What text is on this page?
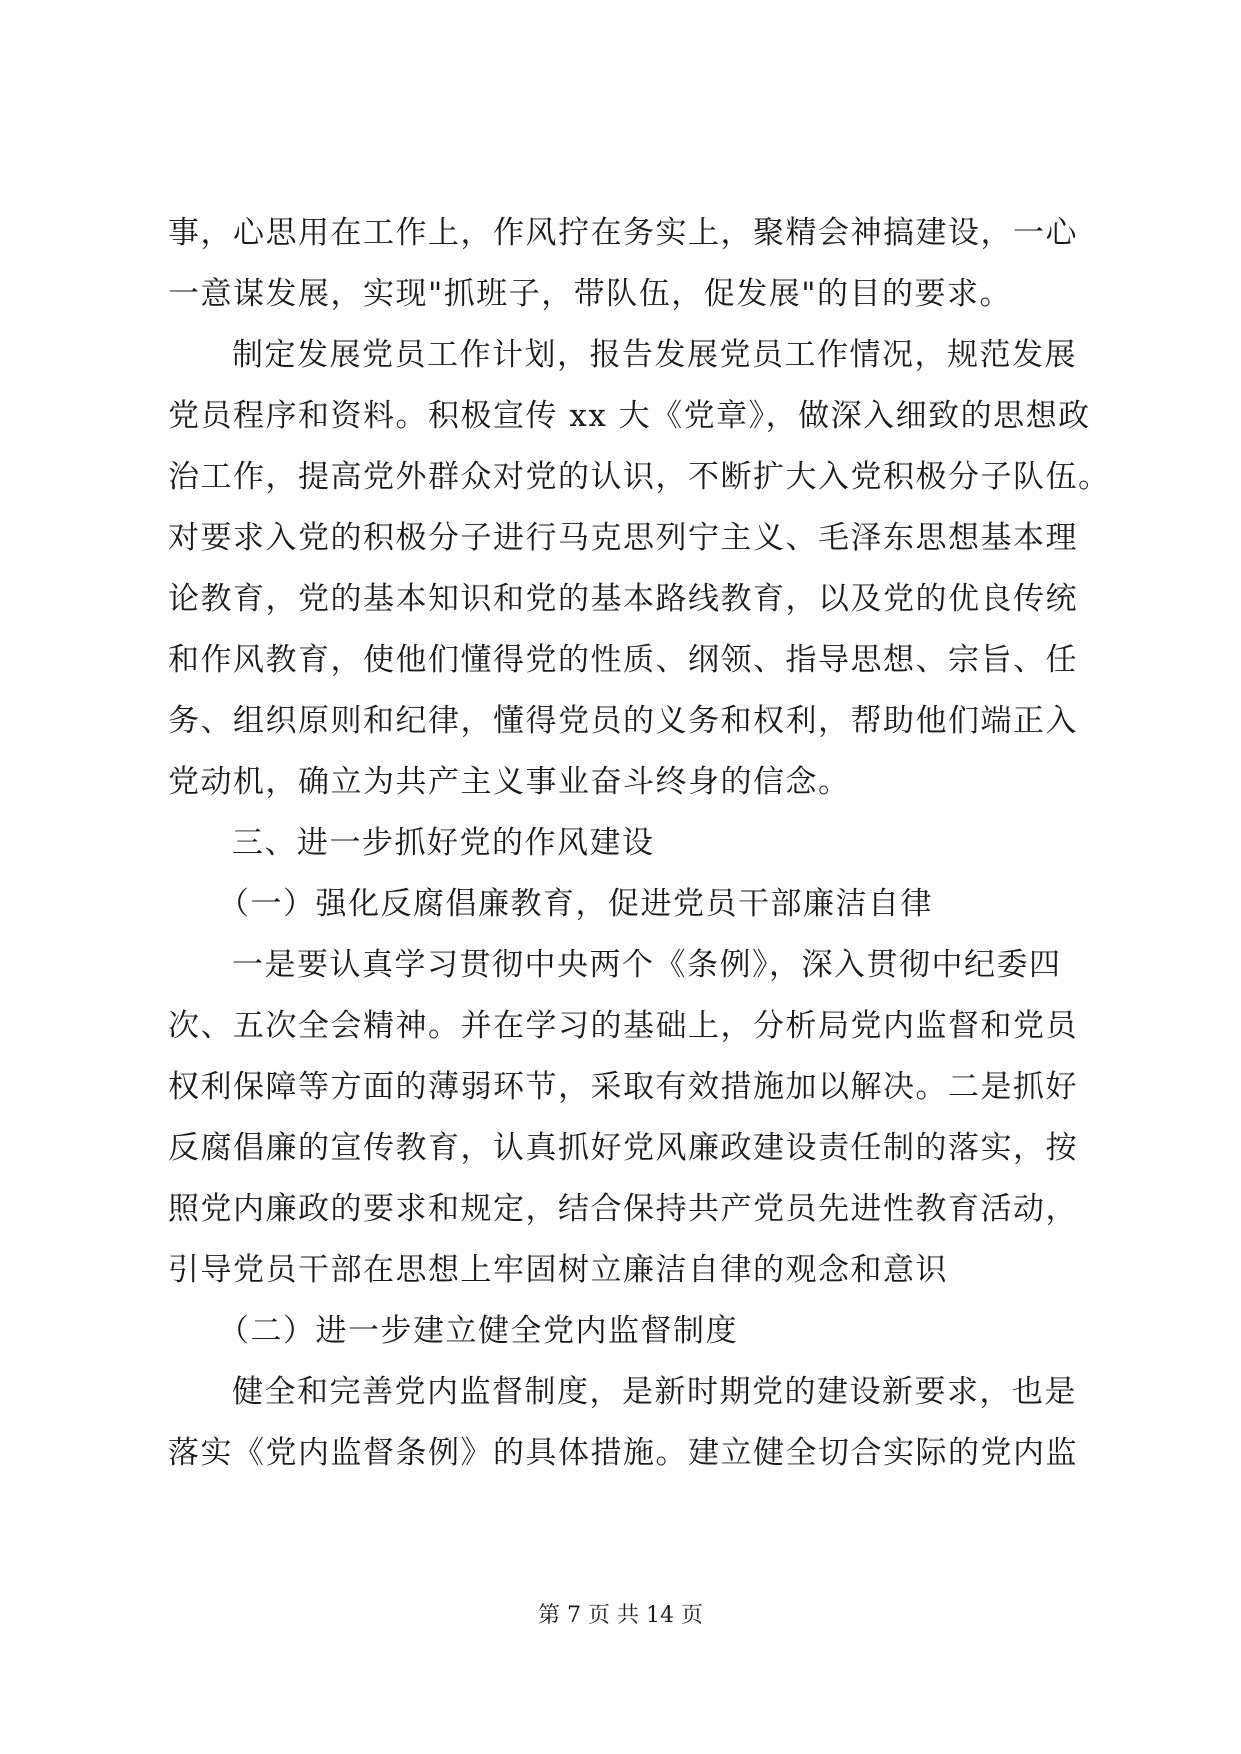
事，心思用在工作上，作风拧在务实上，聚精会神搞建设，一心
一意谋发展，实现"抓班子，带队伍，促发展"的目的要求。
制定发展党员工作计划，报告发展党员工作情况，规范发展
党员程序和资料。积极宣传 xx 大《党章》，做深入细致的思想政
治工作，提高党外群众对党的认识，不断扩大入党积极分子队伍。
对要求入党的积极分子进行马克思列宁主义、毛泽东思想基本理
论教育，党的基本知识和党的基本路线教育，以及党的优良传统
和作风教育，使他们懂得党的性质、纲领、指导思想、宗旨、任
务、组织原则和纪律，懂得党员的义务和权利，帮助他们端正入
党动机，确立为共产主义事业奋斗终身的信念。
三、进一步抓好党的作风建设
（一）强化反腐倡廉教育，促进党员干部廉洁自律
一是要认真学习贯彻中央两个《条例》，深入贯彻中纪委四
次、五次全会精神。并在学习的基础上，分析局党内监督和党员
权利保障等方面的薄弱环节，采取有效措施加以解决。二是抓好
反腐倡廉的宣传教育，认真抓好党风廉政建设责任制的落实，按
照党内廉政的要求和规定，结合保持共产党员先进性教育活动，
引导党员干部在思想上牢固树立廉洁自律的观念和意识
（二）进一步建立健全党内监督制度
健全和完善党内监督制度，是新时期党的建设新要求，也是
落实《党内监督条例》的具体措施。建立健全切合实际的党内监
第 7 页 共 14 页
